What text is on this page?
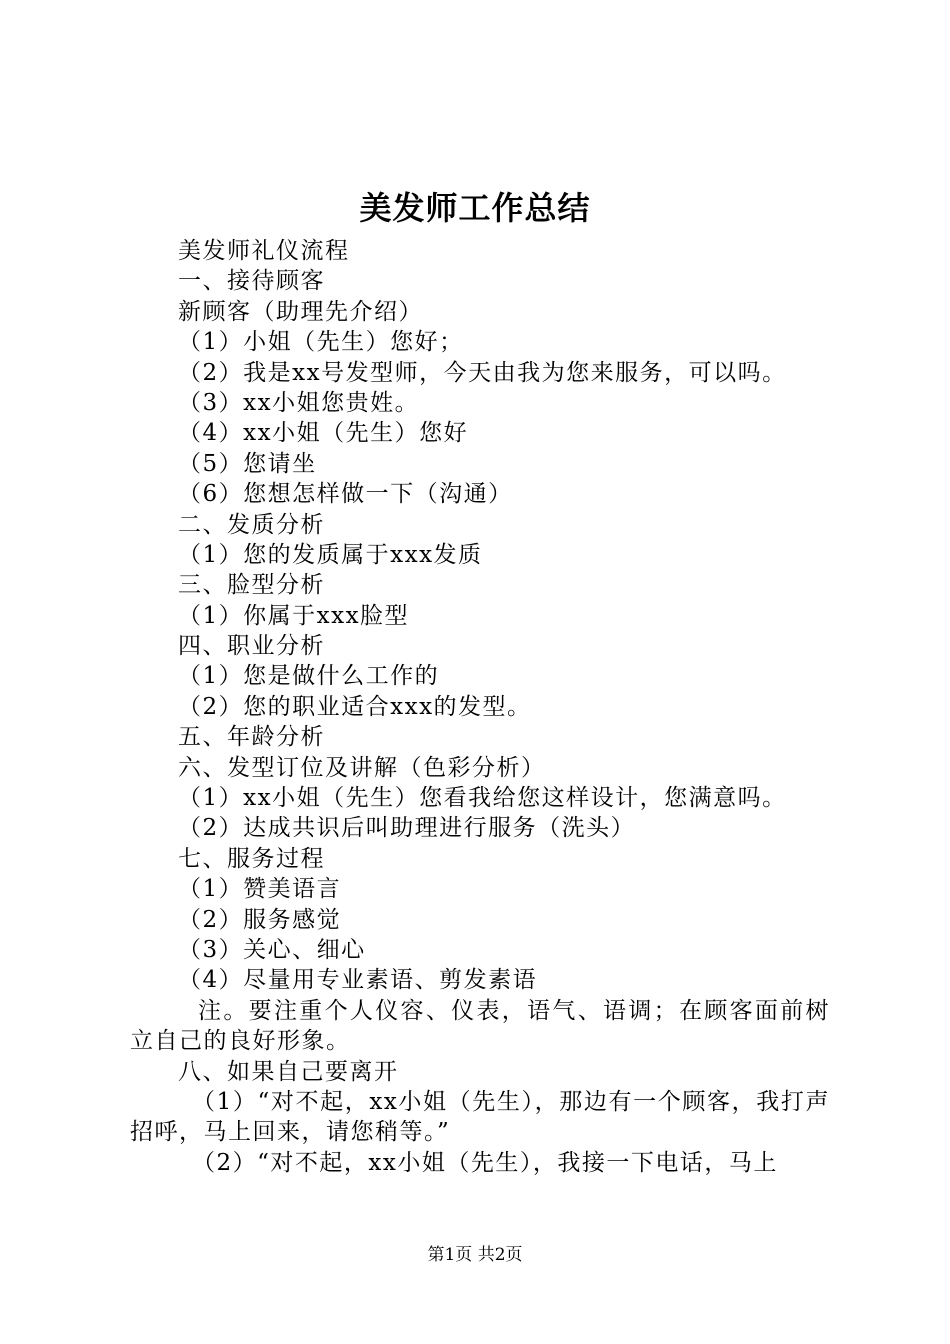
美发师工作总结
美发师礼仪流程
一、接待顾客
新顾客（助理先介绍）
（1）小姐（先生）您好；
（2）我是xx号发型师，今天由我为您来服务，可以吗。
（3）xx小姐您贵姓。
（4）xx小姐（先生）您好
（5）您请坐
（6）您想怎样做一下（沟通）
二、发质分析
（1）您的发质属于xxx发质
三、脸型分析
（1）你属于xxx脸型
四、职业分析
（1）您是做什么工作的
（2）您的职业适合xxx的发型。
五、年龄分析
六、发型订位及讲解（色彩分析）
（1）xx小姐（先生）您看我给您这样设计，您满意吗。
（2）达成共识后叫助理进行服务（洗头）
七、服务过程
（1）赞美语言
（2）服务感觉
（3）关心、细心
（4）尽量用专业素语、剪发素语
注。要注重个人仪容、仪表，语气、语调；在顾客面前树立自己的良好形象。
八、如果自己要离开
（1）“对不起，xx小姐（先生），那边有一个顾客，我打声招呼，马上回来，请您稍等。”
（2）“对不起，xx小姐（先生），我接一下电话，马上
第1页 共2页
